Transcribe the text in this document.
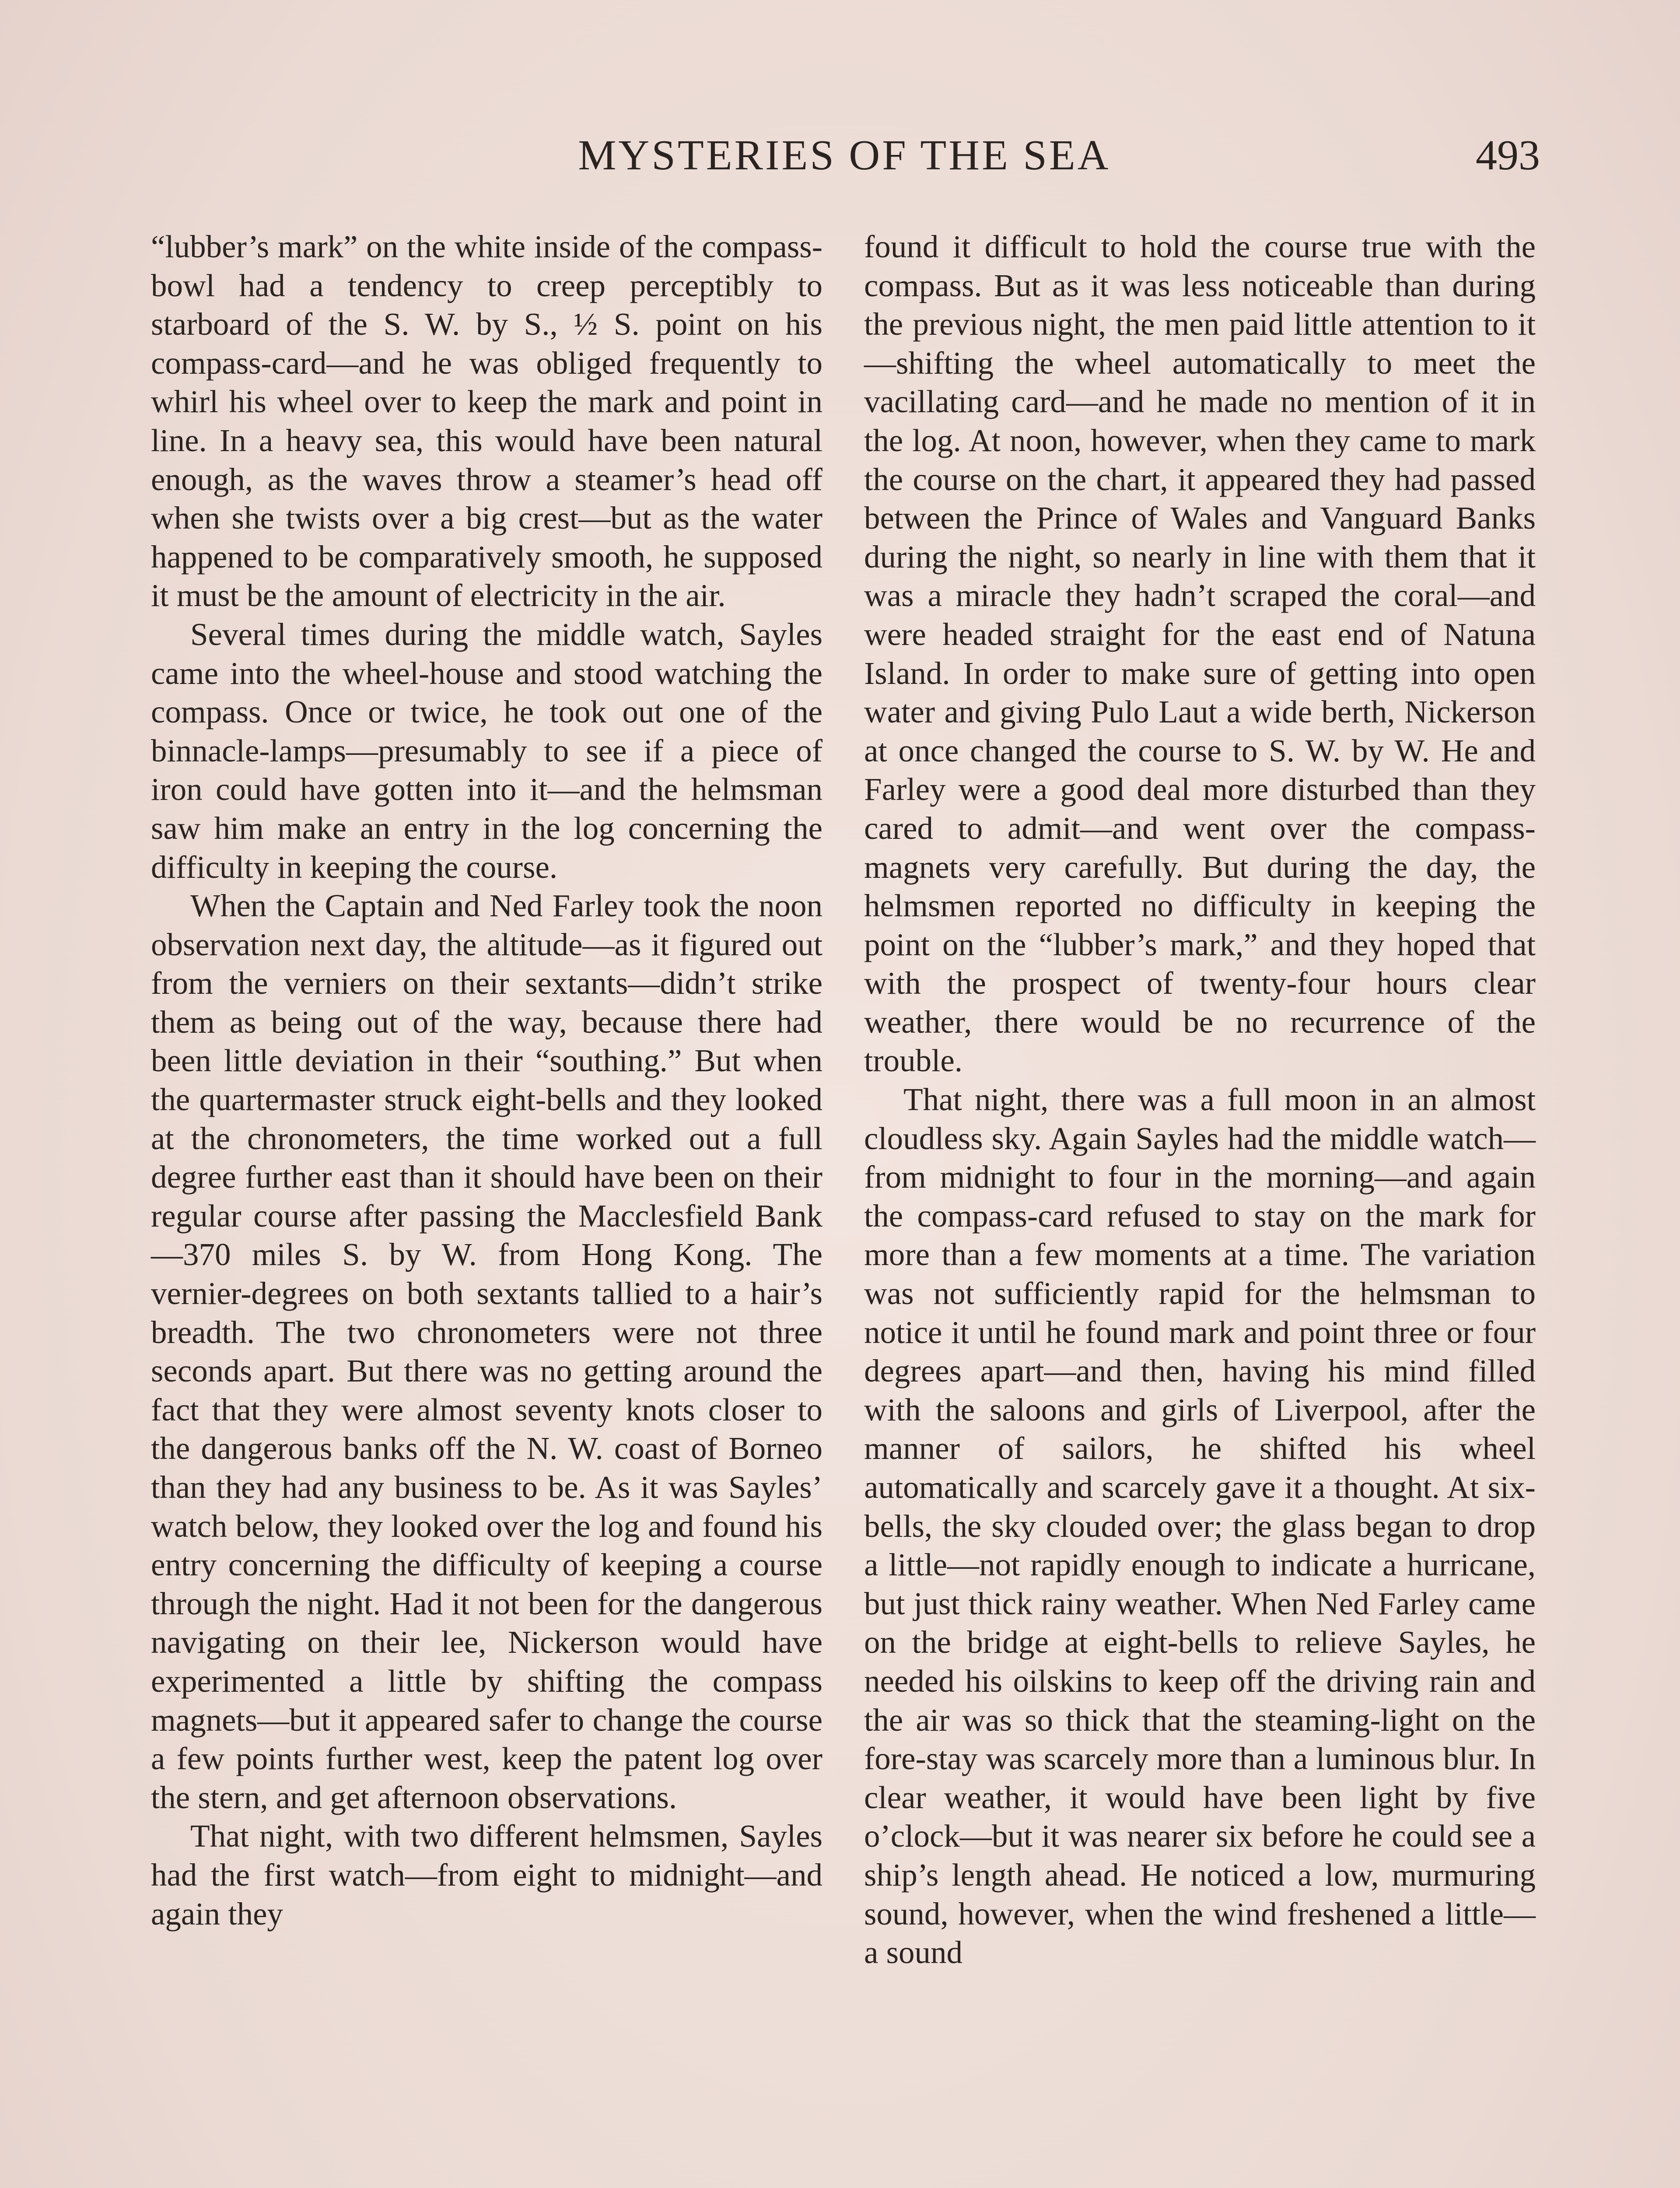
MYSTERIES OF THE SEA	493

“lubber’s mark” on the white inside of the compass-bowl had a tendency to creep perceptibly to starboard of the S. W. by S., ½ S. point on his compass-card—and he was obliged frequently to whirl his wheel over to keep the mark and point in line. In a heavy sea, this would have been natural enough, as the waves throw a steamer’s head off when she twists over a big crest—but as the water happened to be comparatively smooth, he supposed it must be the amount of electricity in the air.

Several times during the middle watch, Sayles came into the wheel-house and stood watching the compass. Once or twice, he took out one of the binnacle-lamps—presumably to see if a piece of iron could have gotten into it—and the helmsman saw him make an entry in the log concerning the difficulty in keeping the course.

When the Captain and Ned Farley took the noon observation next day, the altitude—as it figured out from the verniers on their sextants—didn’t strike them as being out of the way, because there had been little deviation in their “southing.” But when the quartermaster struck eight-bells and they looked at the chronometers, the time worked out a full degree further east than it should have been on their regular course after passing the Macclesfield Bank—370 miles S. by W. from Hong Kong. The vernier-degrees on both sextants tallied to a hair’s breadth. The two chronometers were not three seconds apart. But there was no getting around the fact that they were almost seventy knots closer to the dangerous banks off the N. W. coast of Borneo than they had any business to be. As it was Sayles’ watch below, they looked over the log and found his entry concerning the difficulty of keeping a course through the night. Had it not been for the dangerous navigating on their lee, Nickerson would have experimented a little by shifting the compass magnets—but it appeared safer to change the course a few points further west, keep the patent log over the stern, and get afternoon observations.

That night, with two different helmsmen, Sayles had the first watch—from eight to midnight—and again they

found it difficult to hold the course true with the compass. But as it was less noticeable than during the previous night, the men paid little attention to it—shifting the wheel automatically to meet the vacillating card—and he made no mention of it in the log. At noon, however, when they came to mark the course on the chart, it appeared they had passed between the Prince of Wales and Vanguard Banks during the night, so nearly in line with them that it was a miracle they hadn’t scraped the coral—and were headed straight for the east end of Natuna Island. In order to make sure of getting into open water and giving Pulo Laut a wide berth, Nickerson at once changed the course to S. W. by W. He and Farley were a good deal more disturbed than they cared to admit—and went over the compass-magnets very carefully. But during the day, the helmsmen reported no difficulty in keeping the point on the “lubber’s mark,” and they hoped that with the prospect of twenty-four hours clear weather, there would be no recurrence of the trouble.

That night, there was a full moon in an almost cloudless sky. Again Sayles had the middle watch—from midnight to four in the morning—and again the compass-card refused to stay on the mark for more than a few moments at a time. The variation was not sufficiently rapid for the helmsman to notice it until he found mark and point three or four degrees apart—and then, having his mind filled with the saloons and girls of Liverpool, after the manner of sailors, he shifted his wheel automatically and scarcely gave it a thought. At six-bells, the sky clouded over; the glass began to drop a little—not rapidly enough to indicate a hurricane, but just thick rainy weather. When Ned Farley came on the bridge at eight-bells to relieve Sayles, he needed his oilskins to keep off the driving rain and the air was so thick that the steaming-light on the fore-stay was scarcely more than a luminous blur. In clear weather, it would have been light by five o’clock—but it was nearer six before he could see a ship’s length ahead. He noticed a low, murmuring sound, however, when the wind freshened a little—a sound
